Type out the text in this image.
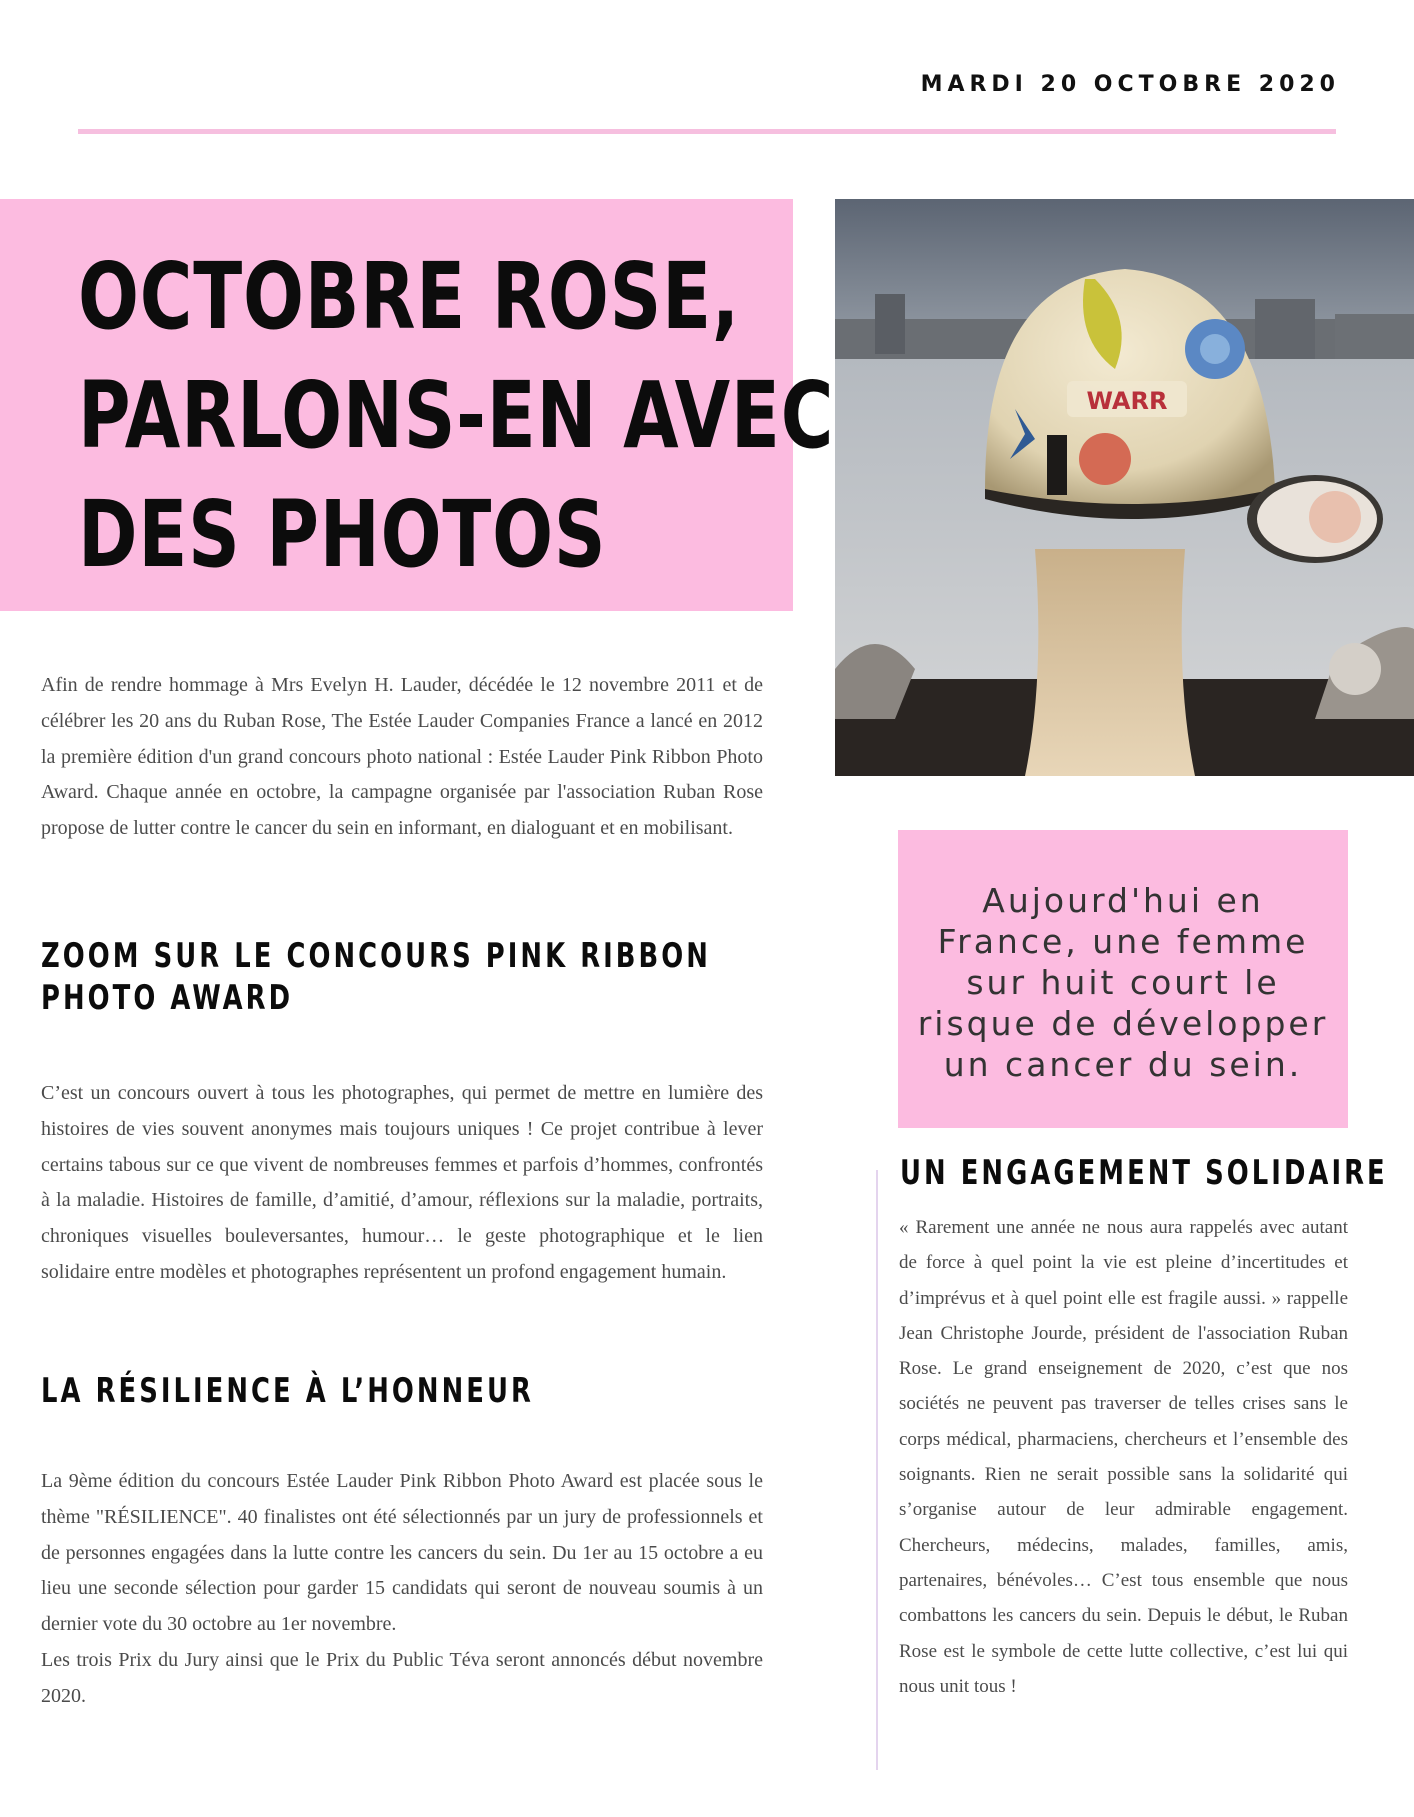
MARDI 20 OCTOBRE 2020
OCTOBRE ROSE,
PARLONS-EN AVEC
DES PHOTOS
WARR

Afin de rendre hommage à Mrs Evelyn H. Lauder, décédée le 12 novembre 2011 et de célébrer les 20 ans du Ruban Rose, The Estée Lauder Companies France a lancé en 2012 la première édition d'un grand concours photo national : Estée Lauder Pink Ribbon Photo Award. Chaque année en octobre, la campagne organisée par l'association Ruban Rose propose de lutter contre le cancer du sein en informant, en dialoguant et en mobilisant.

ZOOM SUR LE CONCOURS PINK RIBBON
PHOTO AWARD

C’est un concours ouvert à tous les photographes, qui permet de mettre en lumière des histoires de vies souvent anonymes mais toujours uniques ! Ce projet contribue à lever certains tabous sur ce que vivent de nombreuses femmes et parfois d’hommes, confrontés à la maladie. Histoires de famille, d’amitié, d’amour, réflexions sur la maladie, portraits, chroniques visuelles bouleversantes, humour… le geste photographique et le lien solidaire entre modèles et photographes représentent un profond engagement humain.

LA RÉSILIENCE À L’HONNEUR

La 9ème édition du concours Estée Lauder Pink Ribbon Photo Award est placée sous le thème "RÉSILIENCE". 40 finalistes ont été sélectionnés par un jury de professionnels et de personnes engagées dans la lutte contre les cancers du sein. Du 1er au 15 octobre a eu lieu une seconde sélection pour garder 15 candidats qui seront de nouveau soumis à un dernier vote du 30 octobre au 1er novembre.

Les trois Prix du Jury ainsi que le Prix du Public Téva seront annoncés début novembre 2020.

Aujourd'hui en France, une femme sur huit court le risque de développer un cancer du sein.

UN ENGAGEMENT SOLIDAIRE

« Rarement une année ne nous aura rappelés avec autant de force à quel point la vie est pleine d’incertitudes et d’imprévus et à quel point elle est fragile aussi. » rappelle Jean Christophe Jourde, président de l'association Ruban Rose. Le grand enseignement de 2020, c’est que nos sociétés ne peuvent pas traverser de telles crises sans le corps médical, pharmaciens, chercheurs et l’ensemble des soignants. Rien ne serait possible sans la solidarité qui s’organise autour de leur admirable engagement. Chercheurs, médecins, malades, familles, amis, partenaires, bénévoles… C’est tous ensemble que nous combattons les cancers du sein. Depuis le début, le Ruban Rose est le symbole de cette lutte collective, c’est lui qui nous unit tous !
